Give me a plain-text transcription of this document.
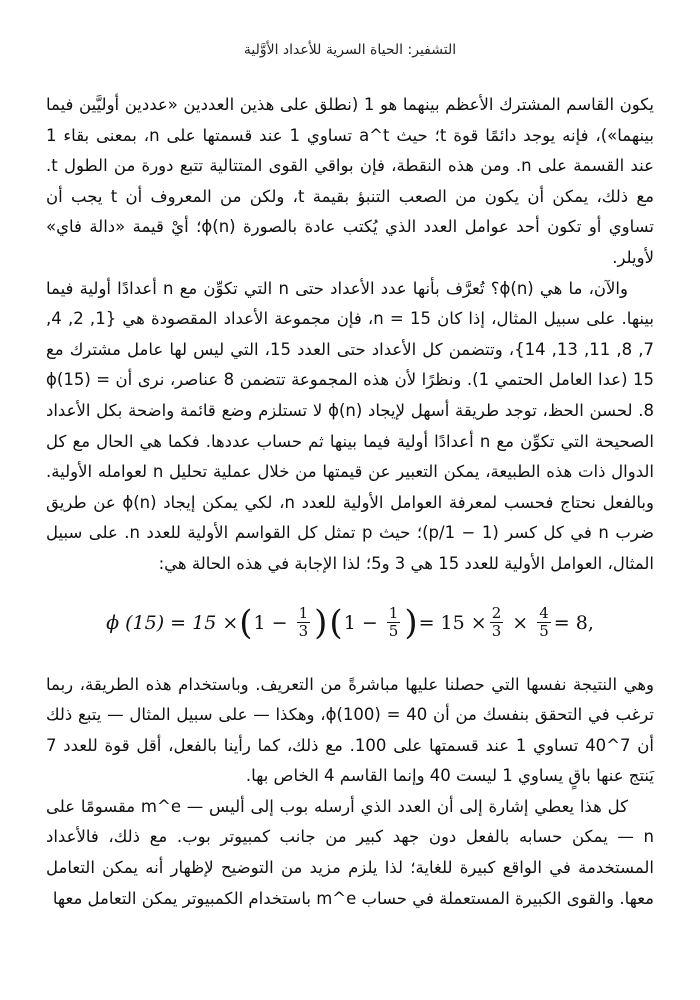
التشفير: الحياة السرية للأعداد الأوَّلية

يكون القاسم المشترك الأعظم بينهما هو 1 (نطلق على هذين العددين «عددين أوليَّين فيما بينهما»)، فإنه يوجد دائمًا قوة t؛ حيث a^t تساوي 1 عند قسمتها على n، بمعنى بقاء 1 عند القسمة على n. ومن هذه النقطة، فإن بواقي القوى المتتالية تتبع دورة من الطول t. مع ذلك، يمكن أن يكون من الصعب التنبؤ بقيمة t، ولكن من المعروف أن t يجب أن تساوي أو تكون أحد عوامل العدد الذي يُكتب عادة بالصورة ϕ(n)؛ أيْ قيمة «دالة فاي» لأويلر.

والآن، ما هي ϕ(n)؟ تُعرَّف بأنها عدد الأعداد حتى n التي تكوِّن مع n أعدادًا أولية فيما بينها. على سبيل المثال، إذا كان n = 15، فإن مجموعة الأعداد المقصودة هي {1, 2, 4, 7, 8, 11, 13, 14}، وتتضمن كل الأعداد حتى العدد 15، التي ليس لها عامل مشترك مع 15 (عدا العامل الحتمي 1). ونظرًا لأن هذه المجموعة تتضمن 8 عناصر، نرى أن ϕ(15) = 8. لحسن الحظ، توجد طريقة أسهل لإيجاد ϕ(n) لا تستلزم وضع قائمة واضحة بكل الأعداد الصحيحة التي تكوِّن مع n أعدادًا أولية فيما بينها ثم حساب عددها. فكما هي الحال مع كل الدوال ذات هذه الطبيعة، يمكن التعبير عن قيمتها من خلال عملية تحليل n لعوامله الأولية. وبالفعل نحتاج فحسب لمعرفة العوامل الأولية للعدد n، لكي يمكن إيجاد ϕ(n) عن طريق ضرب n في كل كسر (1 − 1/p)؛ حيث p تمثل كل القواسم الأولية للعدد n. على سبيل المثال، العوامل الأولية للعدد 15 هي 3 و5؛ لذا الإجابة في هذه الحالة هي:

ϕ (15) = 15 × ( $1 - \frac{1}{3}$ ) ( $1 - \frac{1}{5}$ ) = $15 \times \frac{2}{3} \times \frac{4}{5} = 8$,

وهي النتيجة نفسها التي حصلنا عليها مباشرةً من التعريف. وباستخدام هذه الطريقة، ربما ترغب في التحقق بنفسك من أن ϕ(100) = 40، وهكذا — على سبيل المثال — يتبع ذلك أن 7^40 تساوي 1 عند قسمتها على 100. مع ذلك، كما رأينا بالفعل، أقل قوة للعدد 7 يَنتج عنها باقٍ يساوي 1 ليست 40 وإنما القاسم 4 الخاص بها.

كل هذا يعطي إشارة إلى أن العدد الذي أرسله بوب إلى أليس — m^e مقسومًا على n — يمكن حسابه بالفعل دون جهد كبير من جانب كمبيوتر بوب. مع ذلك، فالأعداد المستخدمة في الواقع كبيرة للغاية؛ لذا يلزم مزيد من التوضيح لإظهار أنه يمكن التعامل معها. والقوى الكبيرة المستعملة في حساب m^e باستخدام الكمبيوتر يمكن التعامل معها
